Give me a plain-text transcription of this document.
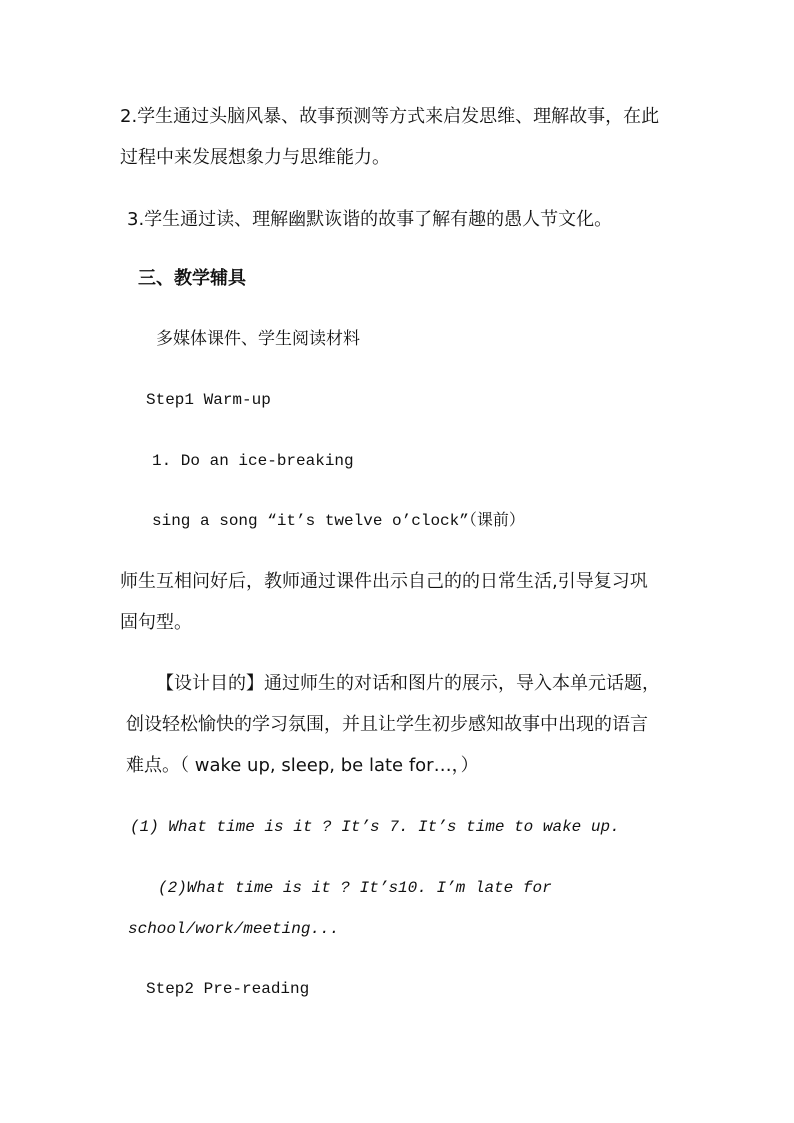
2.学生通过头脑风暴、故事预测等方式来启发思维、理解故事，在此
过程中来发展想象力与思维能力。
3.学生通过读、理解幽默诙谐的故事了解有趣的愚人节文化。
三、教学辅具
多媒体课件、学生阅读材料
Step1 Warm-up
1. Do an ice-breaking
sing a song “it’s twelve o’clock”（课前）
师生互相问好后，教师通过课件出示自己的的日常生活,引导复习巩
固句型。
【设计目的】通过师生的对话和图片的展示，导入本单元话题，
创设轻松愉快的学习氛围，并且让学生初步感知故事中出现的语言
难点。（ wake up, sleep, be late for…，）
(1) What time is it ? It’s 7. It’s time to wake up.
(2)What time is it ? It’s10. I’m late for
school/work/meeting...
Step2 Pre-reading
